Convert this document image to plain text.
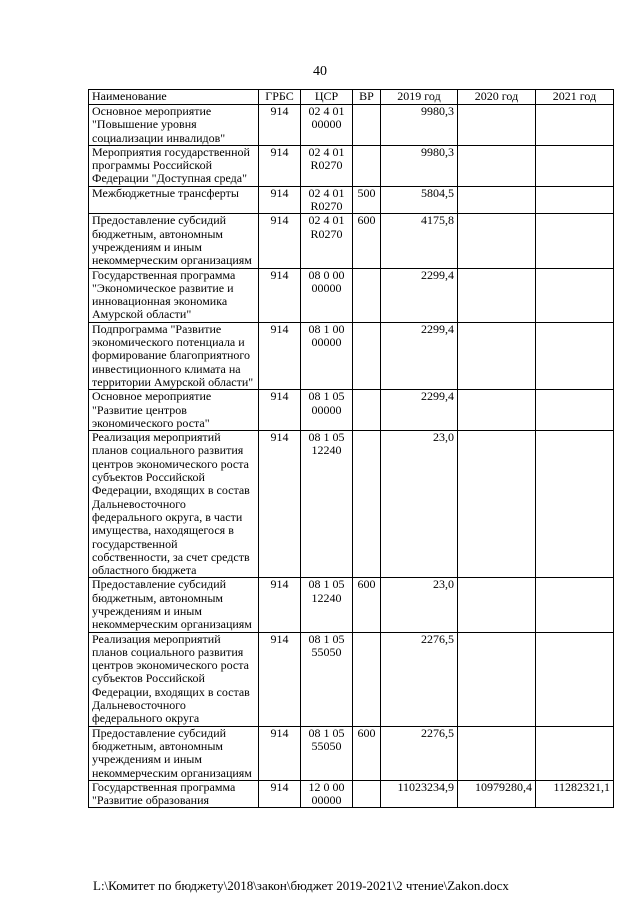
40
Наименование	ГРБС	ЦСР	ВР	2019 год	2020 год	2021 год
Основное мероприятие "Повышение уровня социализации инвалидов"	914	02 4 01 00000		9980,3		
Мероприятия государственной программы Российской Федерации "Доступная среда"	914	02 4 01 R0270		9980,3		
Межбюджетные трансферты	914	02 4 01 R0270	500	5804,5		
Предоставление субсидий бюджетным, автономным учреждениям и иным некоммерческим организациям	914	02 4 01 R0270	600	4175,8		
Государственная программа "Экономическое развитие и инновационная экономика Амурской области"	914	08 0 00 00000		2299,4		
Подпрограмма "Развитие экономического потенциала и формирование благоприятного инвестиционного климата на территории Амурской области"	914	08 1 00 00000		2299,4		
Основное мероприятие "Развитие центров экономического роста"	914	08 1 05 00000		2299,4		
Реализация мероприятий планов социального развития центров экономического роста субъектов Российской Федерации, входящих в состав Дальневосточного федерального округа, в части имущества, находящегося в государственной собственности, за счет средств областного бюджета	914	08 1 05 12240		23,0		
Предоставление субсидий бюджетным, автономным учреждениям и иным некоммерческим организациям	914	08 1 05 12240	600	23,0		
Реализация мероприятий планов социального развития центров экономического роста субъектов Российской Федерации, входящих в состав Дальневосточного федерального округа	914	08 1 05 55050		2276,5		
Предоставление субсидий бюджетным, автономным учреждениям и иным некоммерческим организациям	914	08 1 05 55050	600	2276,5		
Государственная программа "Развитие образования	914	12 0 00 00000		11023234,9	10979280,4	11282321,1
L:\Комитет по бюджету\2018\закон\бюджет 2019-2021\2 чтение\Zakon.docx
